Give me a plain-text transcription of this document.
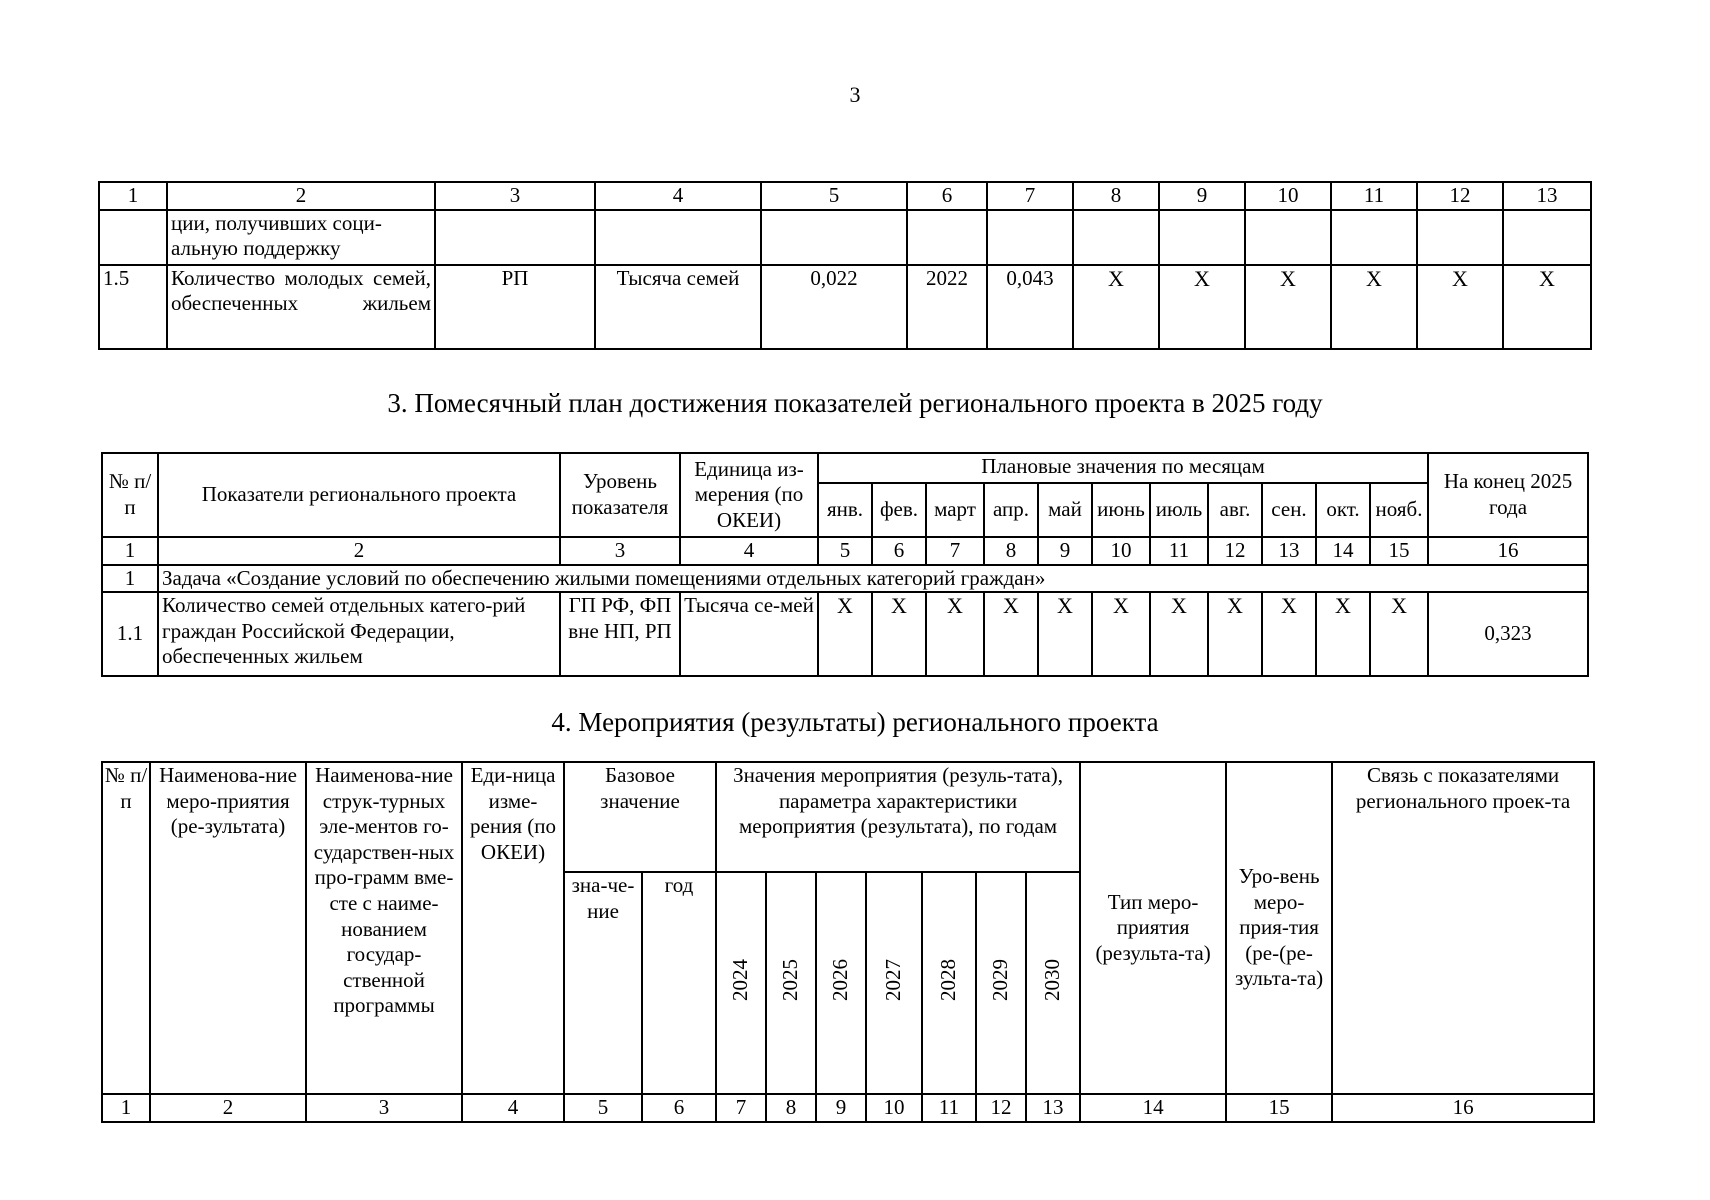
3
1	2	3	4	5	6	7	8	9	10	11	12	13
	ции, получивших соци-альную поддержку											
1.5	Количество молодых семей, обеспеченных жильем	РП	Тысяча семей	0,022	2022	0,043	X	X	X	X	X	X
3. Помесячный план достижения показателей регионального проекта в 2025 году
№ п/п	Показатели регионального проекта	Уровень показателя	Единица из-мерения (по ОКЕИ)	Плановые значения по месяцам											На конец 2025 года
				янв.	фев.	март	апр.	май	июнь	июль	авг.	сен.	окт.	нояб.	
1	2	3	4	5	6	7	8	9	10	11	12	13	14	15	16
1	Задача «Создание условий по обеспечению жилыми помещениями отдельных категорий граждан»														
1.1	Количество семей отдельных катего-рий граждан Российской Федерации, обеспеченных жильем	ГП РФ, ФП вне НП, РП	Тысяча се-мей	X	X	X	X	X	X	X	X	X	X	X	0,323
4. Мероприятия (результаты) регионального проекта
№ п/п	Наименова-ние меро-приятия (ре-зультата)	Наименова-ние струк-турных эле-ментов го-сударствен-ных про-грамм вме-сте с наиме-нованием государ-ственной программы	Еди-ница изме-рения (по ОКЕИ)	Базовое значение		Значения мероприятия (резуль-тата), параметра характеристики мероприятия (результата), по годам							Тип меро-приятия (результа-та)	Уро-вень меро-прия-тия (ре-(ре-зульта-та)	Связь с показателями регионального проек-та
				зна-че-ние	год	2024	2025	2026	2027	2028	2029	2030			
1	2	3	4	5	6	7	8	9	10	11	12	13	14	15	16
